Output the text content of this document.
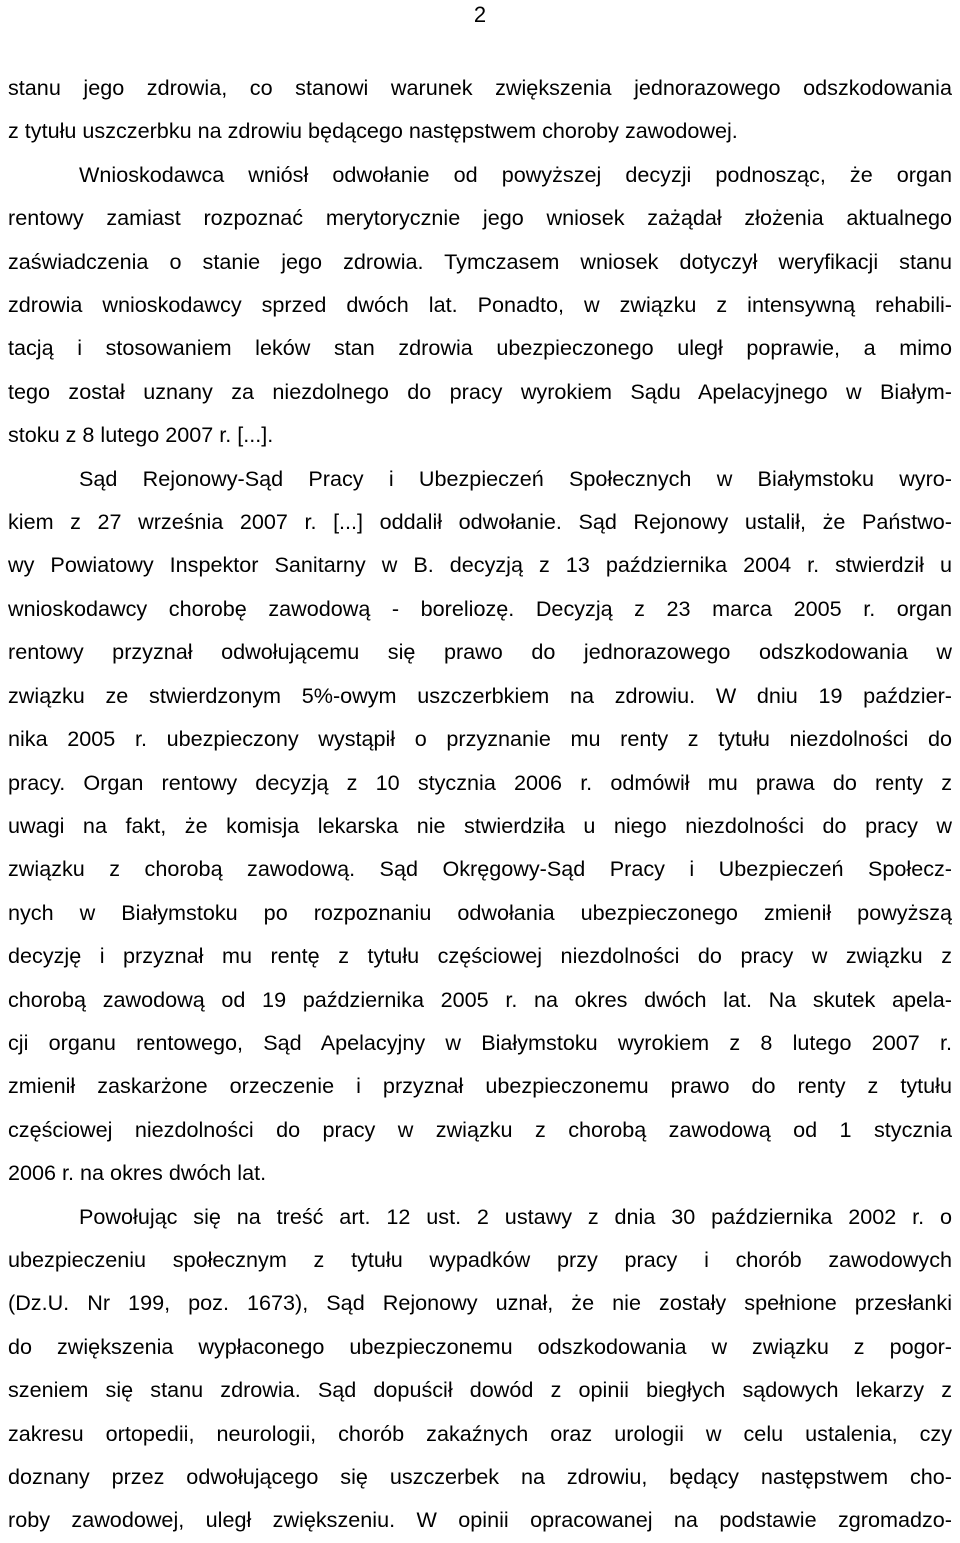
2
stanu jego zdrowia, co stanowi warunek zwiększenia jednorazowego odszkodowania
z tytułu uszczerbku na zdrowiu będącego następstwem choroby zawodowej.
Wnioskodawca wniósł odwołanie od powyższej decyzji podnosząc, że organ
rentowy zamiast rozpoznać merytorycznie jego wniosek zażądał złożenia aktualnego
zaświadczenia o stanie jego zdrowia. Tymczasem wniosek dotyczył weryfikacji stanu
zdrowia wnioskodawcy sprzed dwóch lat. Ponadto, w związku z intensywną rehabili-
tacją i stosowaniem leków stan zdrowia ubezpieczonego uległ poprawie, a mimo
tego został uznany za niezdolnego do pracy wyrokiem Sądu Apelacyjnego w Białym-
stoku z 8 lutego 2007 r. [...].
Sąd Rejonowy-Sąd Pracy i Ubezpieczeń Społecznych w Białymstoku wyro-
kiem z 27 września 2007 r. [...] oddalił odwołanie. Sąd Rejonowy ustalił, że Państwo-
wy Powiatowy Inspektor Sanitarny w B. decyzją z 13 października 2004 r. stwierdził u
wnioskodawcy chorobę zawodową - boreliozę. Decyzją z 23 marca 2005 r. organ
rentowy przyznał odwołującemu się prawo do jednorazowego odszkodowania w
związku ze stwierdzonym 5%-owym uszczerbkiem na zdrowiu. W dniu 19 paździer-
nika 2005 r. ubezpieczony wystąpił o przyznanie mu renty z tytułu niezdolności do
pracy. Organ rentowy decyzją z 10 stycznia 2006 r. odmówił mu prawa do renty z
uwagi na fakt, że komisja lekarska nie stwierdziła u niego niezdolności do pracy w
związku z chorobą zawodową. Sąd Okręgowy-Sąd Pracy i Ubezpieczeń Społecz-
nych w Białymstoku po rozpoznaniu odwołania ubezpieczonego zmienił powyższą
decyzję i przyznał mu rentę z tytułu częściowej niezdolności do pracy w związku z
chorobą zawodową od 19 października 2005 r. na okres dwóch lat. Na skutek apela-
cji organu rentowego, Sąd Apelacyjny w Białymstoku wyrokiem z 8 lutego 2007 r.
zmienił zaskarżone orzeczenie i przyznał ubezpieczonemu prawo do renty z tytułu
częściowej niezdolności do pracy w związku z chorobą zawodową od 1 stycznia
2006 r. na okres dwóch lat.
Powołując się na treść art. 12 ust. 2 ustawy z dnia 30 października 2002 r. o
ubezpieczeniu społecznym z tytułu wypadków przy pracy i chorób zawodowych
(Dz.U. Nr 199, poz. 1673), Sąd Rejonowy uznał, że nie zostały spełnione przesłanki
do zwiększenia wypłaconego ubezpieczonemu odszkodowania w związku z pogor-
szeniem się stanu zdrowia. Sąd dopuścił dowód z opinii biegłych sądowych lekarzy z
zakresu ortopedii, neurologii, chorób zakaźnych oraz urologii w celu ustalenia, czy
doznany przez odwołującego się uszczerbek na zdrowiu, będący następstwem cho-
roby zawodowej, uległ zwiększeniu. W opinii opracowanej na podstawie zgromadzo-
